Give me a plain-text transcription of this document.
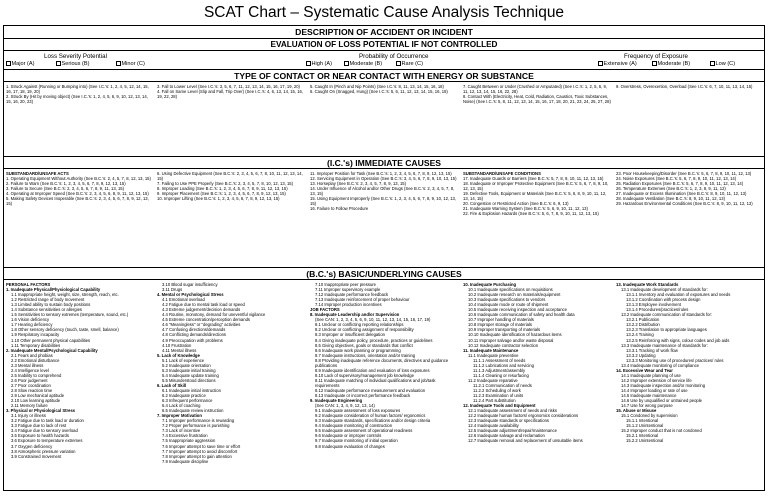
SCAT Chart – Systematic Cause Analysis Technique
DESCRIPTION OF ACCIDENT OR INCIDENT
EVALUATION OF LOSS POTENTIAL IF NOT CONTROLLED
Loss Severity Potential	Probability of Occurrence	Frequency of Exposure
Major (A)	Serious (B)	Minor (C)	High (A)	Moderate (B)	Rare (C)	Extensive (A)	Moderate (B)	Low (C)
TYPE OF CONTACT OR NEAR CONTACT WITH ENERGY OR SUBSTANCE
1. Struck Against (Running or Bumping into) (See I.C.'s: 1, 2, 4, 5, 12, 14, 15, 16, 17, 18, 19, 20)
2. Struck By (Hit by moving object) (See I.C.'s: 1, 2, 4, 5, 6, 9, 10, 12, 13, 14, 15, 16, 20, 23)
3. Fall to Lower Level (See I.C.'s: 3, 5, 6, 7, 11, 12, 13, 14, 15, 16, 17, 19, 20)
4. Fall on Same Level (Slip and Fall, Trip Over) (See I.C.'s: 4, 6, 13, 14, 15, 16, 19, 22, 28)
5. Caught In (Pinch and Nip Points) (See I.C.'s: 8, 11, 13, 14, 15, 16, 18)
6. Caught On (Snagged, Hung) (See I.C.'s: 5, 6, 11, 12, 13, 14, 15, 16, 18)
7. Caught Between or Under (Crushed or Amputated) (See I.C.'s: 1, 2, 5, 6, 9, 11, 12, 13, 14, 15, 16, 22, 28)
8. Contact With (Electricity, Heat, Cold, Radiation, Caustics, Toxic Substances, Noise) (See I.C.'s: 5, 8, 11, 12, 13, 14, 15, 16, 17, 18, 20, 21, 23, 24, 25, 27, 28)
9. Overstress, Overexertion, Overload (See I.C.'s: 6, 7, 10, 11, 13, 14, 15)
(I.C.'s) IMMEDIATE CAUSES

SUBSTANDARD/UNSAFE ACTS

1. Operating Equipment Without Authority (See B.C.'s: 2, 4, 5, 7, 8, 12, 13, 15)

2. Failure to Warn (See B.C.'s: 1, 2, 3, 4, 5, 6, 7, 8, 9, 12, 13, 15)

3. Failure to Secure (See B.C.'s: 2, 3, 4, 5, 6, 7, 8, 9, 11, 13, 15)

4. Operating at Improper Speed (See B.C.'s: 2, 3, 4, 5, 6, 8, 9, 11, 12, 13, 15)

5. Making Safety Devices Inoperable (See B.C.'s: 2, 3, 4, 5, 6, 7, 8, 9, 12, 13, 15)

6. Using Defective Equipment (See B.C.'s: 2, 3, 4, 5, 6, 7, 8, 10, 11, 12, 13, 14, 15)

7. Failing to Use PPE Properly (See B.C.'s: 2, 3, 4, 5, 7, 8, 10, 12, 13, 15)

8. Improper Loading (See B.C.'s: 1, 2, 3, 4, 5, 6, 7, 8, 9, 11, 12, 13, 15)

9. Improper Placement (See B.C.'s: 1, 2, 3, 4, 5, 6, 7, 8, 9, 12, 13, 15)

10. Improper Lifting (See B.C.'s: 1, 2, 3, 4, 5, 6, 7, 8, 9, 12, 13, 15)

11. Improper Position for Task (See B.C.'s: 1, 2, 3, 4, 5, 6, 7, 8, 9, 12, 13, 15)

12. Servicing Equipment in Operation (See B.C.'s: 3, 4, 5, 6, 7, 8, 9, 10, 13, 15)

13. Horseplay (See B.C.'s: 2, 3, 4, 5, 7, 8, 9, 13, 15)

14. Under Influence of Alcohol and/or Other Drugs (See B.C.'s: 2, 3, 4, 5, 7, 8, 13, 15)

15. Using Equipment Improperly (See B.C.'s: 1, 2, 3, 4, 5, 6, 7, 8, 9, 10, 12, 13, 15)

16. Failure to Follow Procedure

SUBSTANDARD/UNSAFE CONDITIONS

17. Inadequate Guards or Barriers (See B.C.'s: 5, 7, 8, 9, 10, 11, 12, 13, 15)

18. Inadequate or Improper Protective Equipment (See B.C.'s: 5, 6, 7, 8, 9, 10, 12, 13, 15)

19. Defective Tools, Equipment or Materials (See B.C.'s: 5, 6, 8, 9, 10, 11, 12, 13, 14, 15)

20. Congestion or Restricted Action (See B.C.'s: 6, 9, 13)

21. Inadequate Warning System (See B.C.'s: 5, 6, 9, 10, 11, 12, 13)

22. Fire & Explosion Hazards (See B.C.'s: 5, 6, 7, 8, 9, 10, 11, 12, 13, 15)

23. Poor Housekeeping/Disorder (See B.C.'s: 5, 6, 7, 8, 9, 10, 11, 12, 13)

24. Noise Exposures (See B.C.'s: 5, 6, 7, 8, 9, 10, 11, 12, 13, 14)

25. Radiation Exposures (See B.C.'s: 5, 6, 7, 8, 9, 10, 11, 12, 13, 14)

26. Temperature Extremes (See B.C.'s: 1, 2, 3, 8, 9, 11, 12)

27. Inadequate or Excess Illumination (See B.C.'s: 8, 9, 10, 11, 12, 13)

28. Inadequate Ventilation (See B.C.'s: 8, 9, 10, 11, 12, 13)

29. Hazardous Environmental Conditions (See B.C.'s: 8, 9, 10, 11, 12, 13)

(B.C.'s) BASIC/UNDERLYING CAUSES

PERSONAL FACTORS

1. Inadequate Physical/Physiological Capability

1.1 Inappropriate height, weight, size, strength, reach, etc.

1.2 Restricted range of body movement

1.3 Limited ability to sustain body positions

1.4 Substance sensitivities or allergies

1.5 Sensitivities to sensory extremes (temperature, sound, etc.)

1.6 Vision deficiency

1.7 Hearing deficiency

1.8 Other sensory deficiency (touch, taste, smell, balance)

1.9 Respiratory incapacity

1.10 Other permanent physical capabilities

1.11 Temporary disabilities

2. Inadequate Mental/Psychological Capability

2.1 Fears and phobias

2.2 Emotional disturbance

2.3 Mental illness

2.4 Intelligence level

2.5 Inability to comprehend

2.6 Poor judgement

2.7 Poor coordination

2.8 Slow reaction time

2.9 Low mechanical aptitude

2.10 Low learning aptitude

2.11 Memory failure

3. Physical or Physiological Stress

3.1 Injury or illness

3.2 Fatigue due to task load or duration

3.3 Fatigue due to lack of rest

3.4 Fatigue due to sensory overload

3.5 Exposure to health hazards

3.6 Exposure to temperature extremes

3.7 Oxygen deficiency

3.8 Atmospheric pressure variation

3.9 Constrained movement

3.10 Blood sugar insufficiency

3.11 Drugs

4. Mental or Psychological Stress

4.1 Emotional overload

4.2 Fatigue due to mental task load or speed

4.3 Extreme judgement/decision demands

4.4 Routine, monotony, demand for uneventful vigilance

4.5 Extreme concentration/perception demands

4.6 "Meaningless" or "degrading" activities

4.7 Confusing directions/demands

4.8 Conflicting demands/directions

4.9 Preoccupation with problems

4.10 Frustration

4.11 Mental illness

5. Lack of Knowledge

5.1 Lack of experience

5.2 Inadequate orientation

5.3 Inadequate initial training

5.4 Inadequate update training

5.5 Misunderstood directions

6. Lack of Skill

6.1 Inadequate initial instruction

6.2 Inadequate practice

6.3 Infrequent performance

6.4 Lack of coaching

6.5 Inadequate review instruction

7. Improper Motivation

7.1 Improper performance is rewarding

7.2 Proper performance is punishing

7.3 Lack of incentive

7.4 Excessive frustration

7.5 Inappropriate aggression

7.6 Improper attempt to save time or effort

7.7 Improper attempt to avoid discomfort

7.8 Improper attempt to gain attention

7.9 Inadequate discipline

7.10 Inappropriate peer pressure

7.11 Improper supervisory example

7.12 Inadequate performance feedback

7.13 Inadequate reinforcement of proper behaviour

7.14 Improper production incentives

JOB FACTORS

8. Inadequate Leadership and/or Supervision

(See CAN: 1, 2, 3, 4, 5, 6, 9, 10, 11, 12, 13, 14, 15, 16, 17, 19)

8.1 Unclear or conflicting reporting relationships

8.2 Unclear or conflicting assignment of responsibility

8.3 Improper or insufficient delegation

8.4 Giving inadequate policy, procedure, practices or guidelines

8.5 Giving objectives, goals or standards that conflict

8.6 Inadequate work planning or programming

8.7 Inadequate instructions, orientation and/or training

8.8 Providing inadequate reference documents, directives and guidance publications

8.9 Inadequate identification and evaluation of loss exposures

8.10 Lack of supervisory/management job knowledge

8.11 Inadequate matching of individual qualifications and job/task requirements

8.12 Inadequate performance measurement and evaluation

8.13 Inadequate or incorrect performance feedback

9. Inadequate Engineering

(See CAN: 1, 3, 4, 9, 12, 13, 14)

9.1 Inadequate assessment of loss exposures

9.2 Inadequate consideration of human factors/ ergonomics

9.3 Inadequate standards, specifications and/or design criteria

9.4 Inadequate monitoring of construction

9.5 Inadequate assessment of operational readiness

9.6 Inadequate or improper controls

9.7 Inadequate monitoring of initial operation

9.8 Inadequate evaluation of changes

10. Inadequate Purchasing

10.1 Inadequate specifications on requisitions

10.2 Inadequate research on materials/equipment

10.3 Inadequate specifications to vendors

10.4 Inadequate mode or route of shipment

10.5 Inadequate receiving inspection and acceptance

10.6 Inadequate communication of safety and health data

10.7 Improper handling of materials

10.8 Improper storage of materials

10.9 Improper transporting of materials

10.10 Inadequate identification of hazardous items

10.11 Improper salvage and/or waste disposal

10.12 Inadequate contractor selection

11. Inadequate Maintenance

11.1 Inadequate preventive

11.1.1 Assessment of needs

11.1.2 Lubrications and servicing

11.1.3 Adjustment/assembly

11.1.4 Cleaning or resurfacing

11.2 Inadequate reparative

11.2.1 Communication of needs

11.2.2 Scheduling of work

11.2.3 Examination of units

11.2.4 Part substitution

12. Inadequate Tools and Equipment

12.1 Inadequate assessment of needs and risks

12.2 Inadequate human factors/ ergonomics considerations

12.3 Inadequate standards or specifications

12.4 Inadequate availability

12.5 Inadequate adjustment/repair/maintenance

12.6 Inadequate salvage and reclamation

12.7 Inadequate removal and replacement of unsuitable items

13. Inadequate Work Standards

13.1 Inadequate development of standards for:

13.1.1 Inventory and evaluation of exposures and needs

13.1.2 Coordination with process design

13.1.3 Employee involvement

13.1.4 Procedures/practices/rules

13.2 Inadequate communication of standards for:

13.2.1 Publication

13.2.2 Distribution

13.2.3 Translation to appropriate languages

13.2.4 Training

13.2.5 Reinforcing with signs, colour codes and job aids

13.3 Inadequate maintenance of standards for:

13.3.1 Tracking of work flow

13.3.2 Updating

13.3.3 Monitoring use of procedures/ practices/ rules

13.4 Inadequate monitoring of compliance

14. Excessive Wear and Tear

14.1 Inadequate planning of use

14.2 Improper extension of service life

14.3 Inadequate inspection and/or monitoring

14.4 Improper loading or rate of use

14.5 Inadequate maintenance

14.6 Use by unqualified or untrained people

14.7 Use for wrong purpose

15. Abuse or Misuse

15.1 Condoned by supervision

15.1.1 Intentional

15.1.2 Unintentional

15.2 Improper conduct that is not condoned

15.2.1 Intentional

15.2.2 Unintentional
